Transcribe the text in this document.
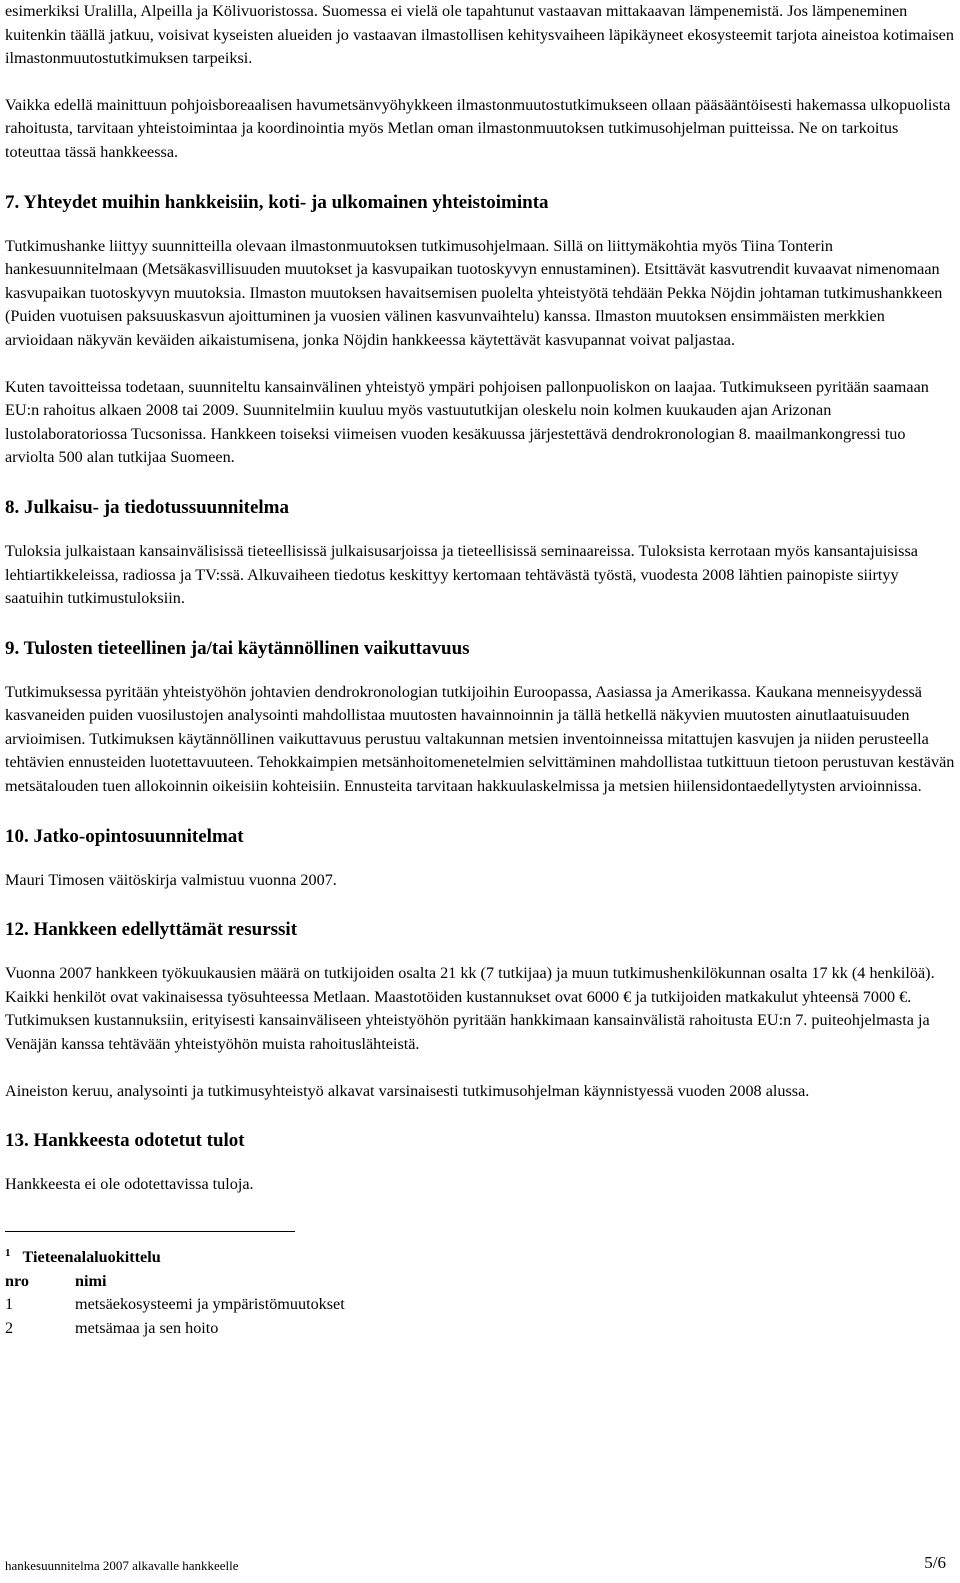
esimerkiksi Uralilla, Alpeilla ja Kölivuoristossa. Suomessa ei vielä ole tapahtunut vastaavan mittakaavan lämpenemistä. Jos lämpeneminen kuitenkin täällä jatkuu, voisivat kyseisten alueiden jo vastaavan ilmastollisen kehitysvaiheen läpikäyneet ekosysteemit tarjota aineistoa kotimaisen ilmastonmuutostutkimuksen tarpeiksi.

Vaikka edellä mainittuun pohjoisboreaalisen havumetsänvyöhykkeen ilmastonmuutostutkimukseen ollaan pääsääntöisesti hakemassa ulkopuolista rahoitusta, tarvitaan yhteistoimintaa ja koordinointia myös Metlan oman ilmastonmuutoksen tutkimusohjelman puitteissa. Ne on tarkoitus toteuttaa tässä hankkeessa.

7. Yhteydet muihin hankkeisiin, koti- ja ulkomainen yhteistoiminta

Tutkimushanke liittyy suunnitteilla olevaan ilmastonmuutoksen tutkimusohjelmaan. Sillä on liittymäkohtia myös Tiina Tonterin hankesuunnitelmaan (Metsäkasvillisuuden muutokset ja kasvupaikan tuotoskyvyn ennustaminen). Etsittävät kasvutrendit kuvaavat nimenomaan kasvupaikan tuotoskyvyn muutoksia. Ilmaston muutoksen havaitsemisen puolelta yhteistyötä tehdään Pekka Nöjdin johtaman tutkimushankkeen (Puiden vuotuisen paksuuskasvun ajoittuminen ja vuosien välinen kasvunvaihtelu) kanssa. Ilmaston muutoksen ensimmäisten merkkien arvioidaan näkyvän keväiden aikaistumisena, jonka Nöjdin hankkeessa käytettävät kasvupannat voivat paljastaa.

Kuten tavoitteissa todetaan, suunniteltu kansainvälinen yhteistyö ympäri pohjoisen pallonpuoliskon on laajaa. Tutkimukseen pyritään saamaan EU:n rahoitus alkaen 2008 tai 2009. Suunnitelmiin kuuluu myös vastuututkijan oleskelu noin kolmen kuukauden ajan Arizonan lustolaboratoriossa Tucsonissa. Hankkeen toiseksi viimeisen vuoden kesäkuussa järjestettävä dendrokronologian 8. maailmankongressi tuo arviolta 500 alan tutkijaa Suomeen.

8. Julkaisu- ja tiedotussuunnitelma

Tuloksia julkaistaan kansainvälisissä tieteellisissä julkaisusarjoissa ja tieteellisissä seminaareissa. Tuloksista kerrotaan myös kansantajuisissa lehtiartikkeleissa, radiossa ja TV:ssä. Alkuvaiheen tiedotus keskittyy kertomaan tehtävästä työstä, vuodesta 2008 lähtien painopiste siirtyy saatuihin tutkimustuloksiin.

9. Tulosten tieteellinen ja/tai käytännöllinen vaikuttavuus

Tutkimuksessa pyritään yhteistyöhön johtavien dendrokronologian tutkijoihin Euroopassa, Aasiassa ja Amerikassa. Kaukana menneisyydessä kasvaneiden puiden vuosilustojen analysointi mahdollistaa muutosten havainnoinnin ja tällä hetkellä näkyvien muutosten ainutlaatuisuuden arvioimisen. Tutkimuksen käytännöllinen vaikuttavuus perustuu valtakunnan metsien inventoinneissa mitattujen kasvujen ja niiden perusteella tehtävien ennusteiden luotettavuuteen. Tehokkaimpien metsänhoitomenetelmien selvittäminen mahdollistaa tutkittuun tietoon perustuvan kestävän metsätalouden tuen allokoinnin oikeisiin kohteisiin. Ennusteita tarvitaan hakkuulaskelmissa ja metsien hiilensidontaedellytysten arvioinnissa.

10. Jatko-opintosuunnitelmat

Mauri Timosen väitöskirja valmistuu vuonna 2007.

12. Hankkeen edellyttämät resurssit

Vuonna 2007 hankkeen työkuukausien määrä on tutkijoiden osalta 21 kk (7 tutkijaa) ja muun tutkimushenkilökunnan osalta 17 kk (4 henkilöä). Kaikki henkilöt ovat vakinaisessa työsuhteessa Metlaan. Maastotöiden kustannukset ovat 6000 € ja tutkijoiden matkakulut yhteensä 7000 €. Tutkimuksen kustannuksiin, erityisesti kansainväliseen yhteistyöhön pyritään hankkimaan kansainvälistä rahoitusta EU:n 7. puiteohjelmasta ja Venäjän kanssa tehtävään yhteistyöhön muista rahoituslähteistä.

Aineiston keruu, analysointi ja tutkimusyhteistyö alkavat varsinaisesti tutkimusohjelman käynnistyessä vuoden 2008 alussa.

13. Hankkeesta odotetut tulot

Hankkeesta ei ole odotettavissa tuloja.

$^1$ Tieteenalaluokittelu	
nro	nimi
1	metsäekosysteemi ja ympäristömuutokset
2	metsämaa ja sen hoito
hankesuunnitelma 2007 alkavalle hankkeelle	5/6
